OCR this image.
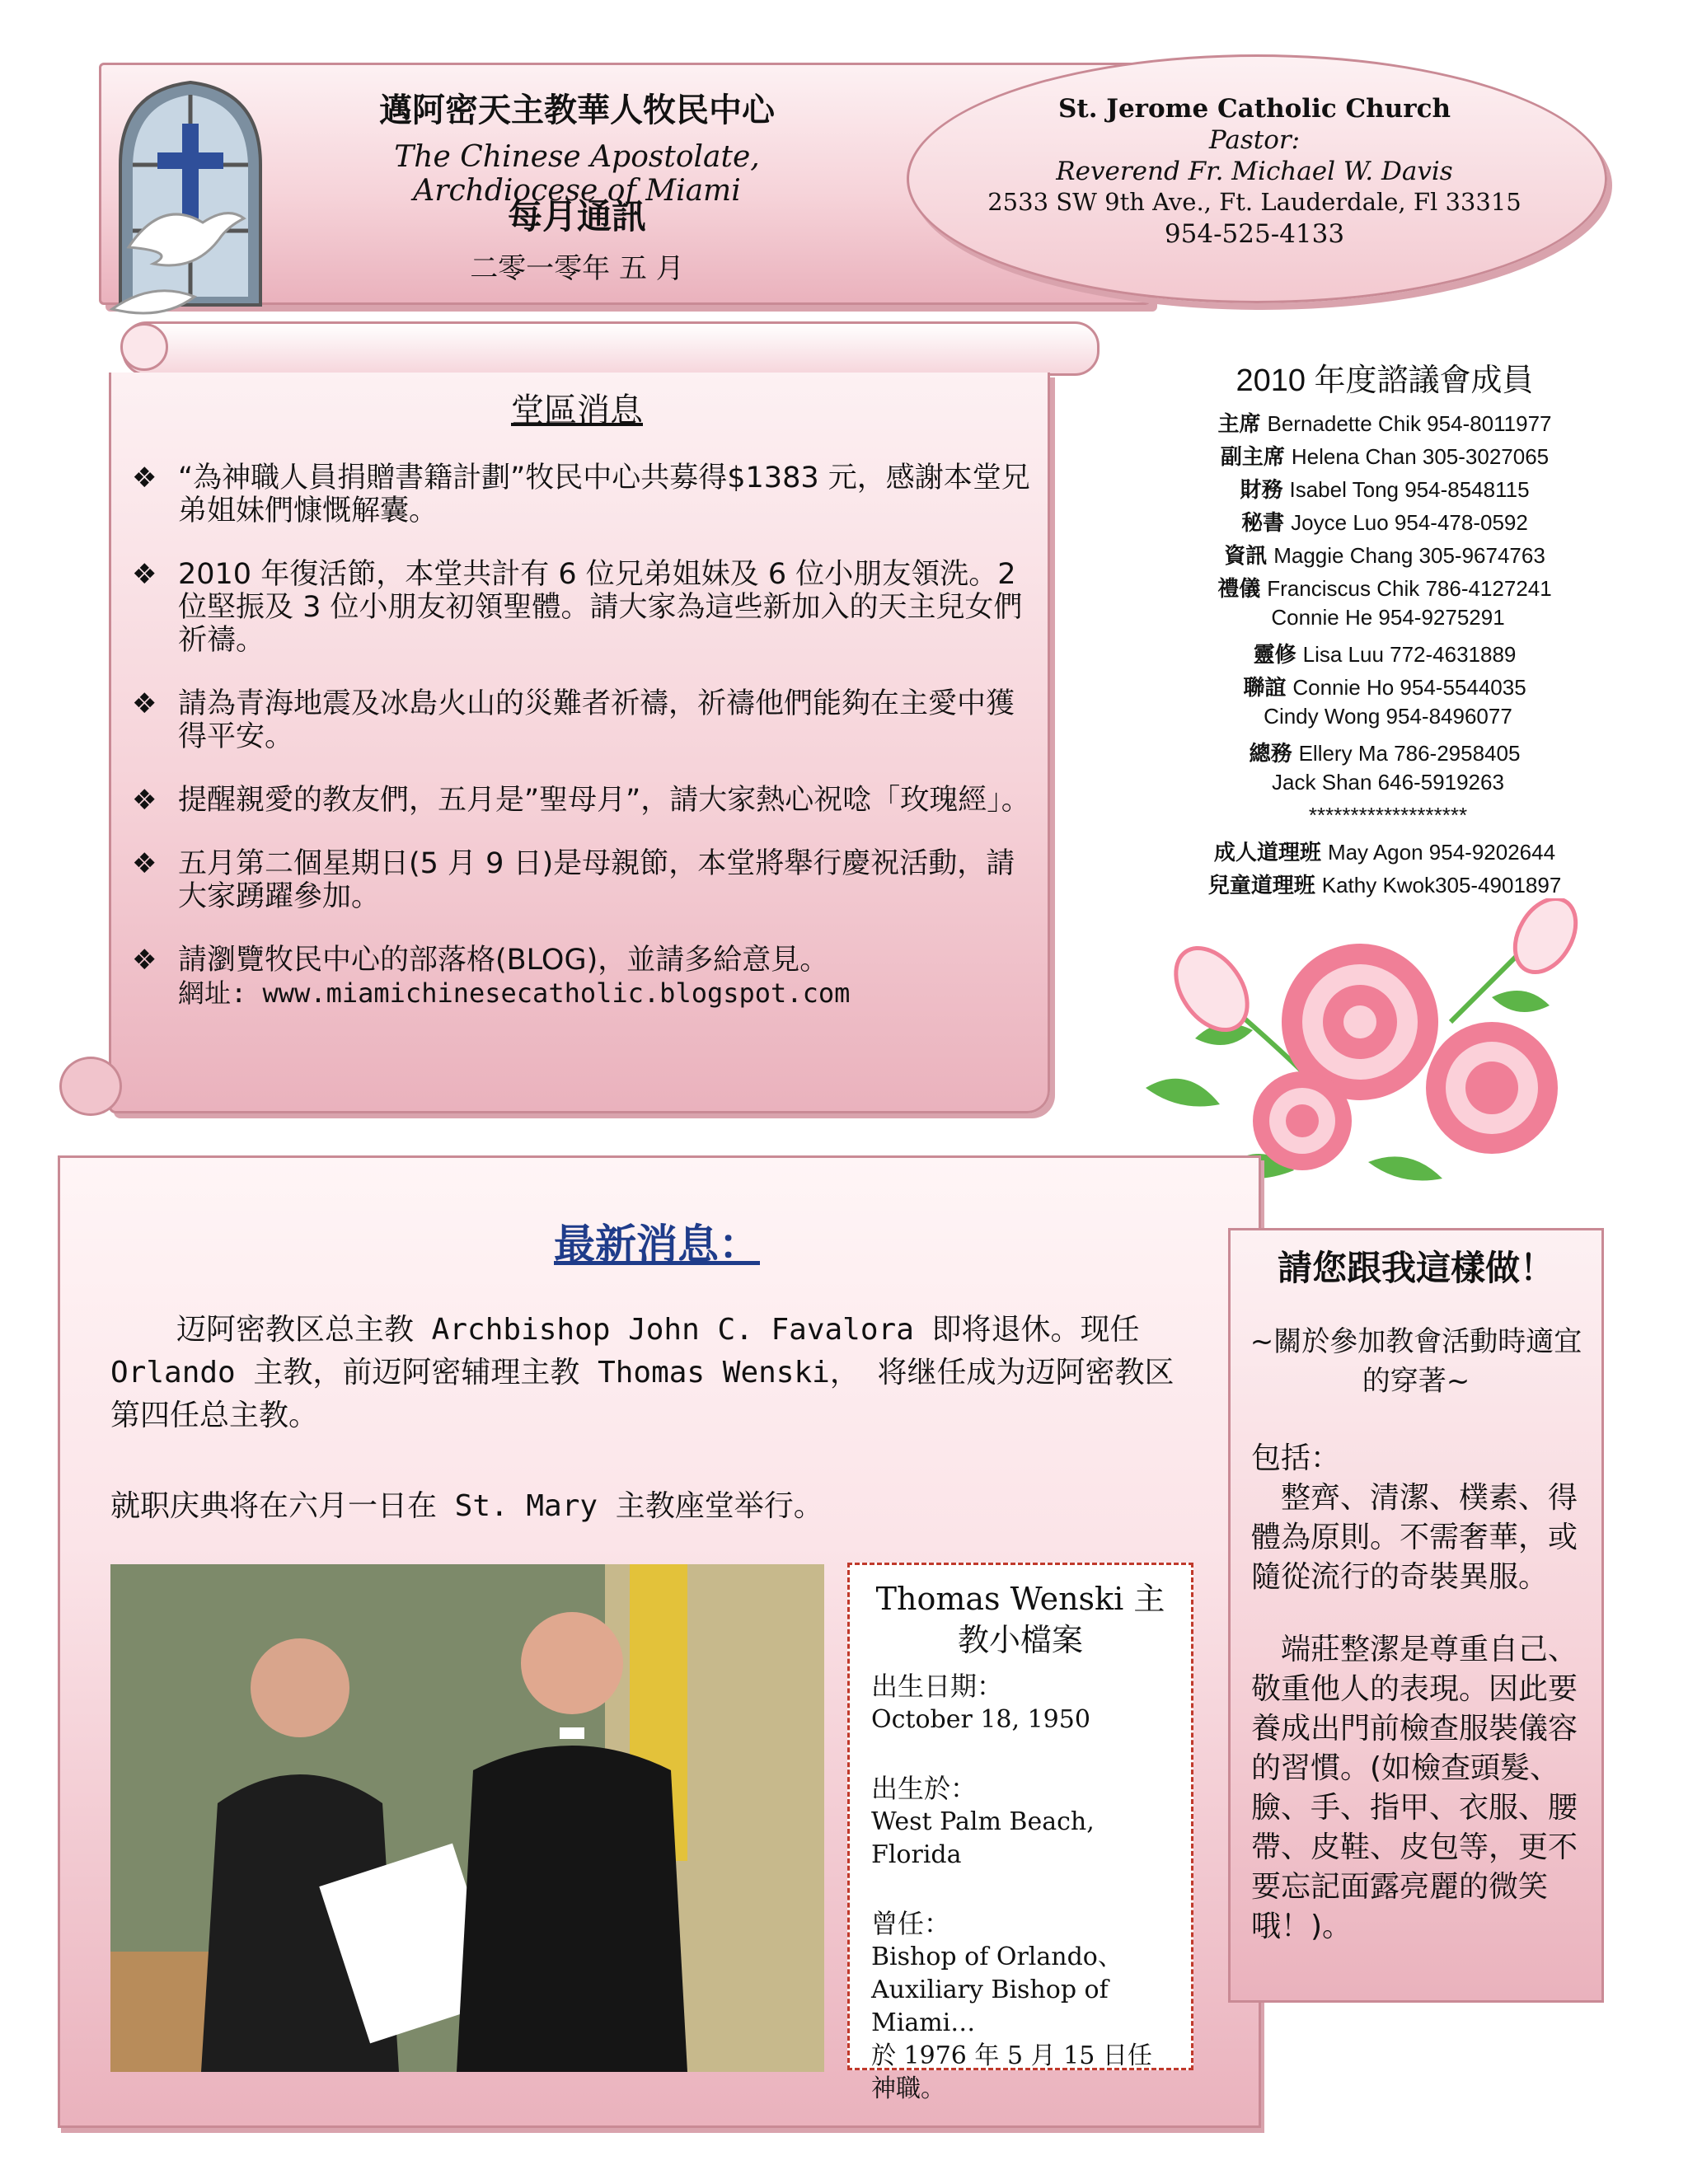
邁阿密天主教華人牧民中心
The Chinese Apostolate, Archdiocese of Miami
每月通訊
二零一零年 五 月
St. Jerome Catholic Church
Pastor:
Reverend Fr. Michael W. Davis
2533 SW 9th Ave., Ft. Lauderdale, Fl 33315
954-525-4133
堂區消息
❖ “為神職人員捐贈書籍計劃”牧民中心共募得$1383 元，感謝本堂兄弟姐妹們慷慨解囊。
❖ 2010 年復活節，本堂共計有 6 位兄弟姐妹及 6 位小朋友領洗。2 位堅振及 3 位小朋友初領聖體。請大家為這些新加入的天主兒女們祈禱。
❖ 請為青海地震及冰島火山的災難者祈禱，祈禱他們能夠在主愛中獲得平安。
❖ 提醒親愛的教友們，五月是”聖母月”，請大家熱心祝唸「玫瑰經」。
❖ 五月第二個星期日(5 月 9 日)是母親節，本堂將舉行慶祝活動，請大家踴躍參加。
❖ 請瀏覽牧民中心的部落格(BLOG)，並請多給意見。
網址: www.miamichinesecatholic.blogspot.com
2010 年度諮議會成員
主席 Bernadette Chik 954-8011977
副主席 Helena Chan 305-3027065
財務 Isabel Tong 954-8548115
秘書 Joyce Luo 954-478-0592
資訊 Maggie Chang 305-9674763
禮儀 Franciscus Chik 786-4127241
Connie He 954-9275291
靈修 Lisa Luu 772-4631889
聯誼 Connie Ho 954-5544035
Cindy Wong 954-8496077
總務 Ellery Ma 786-2958405
Jack Shan 646-5919263
*******************
成人道理班 May Agon 954-9202644
兒童道理班 Kathy Kwok305-4901897
最新消息：
迈阿密教区总主教 Archbishop John C. Favalora 即将退休。现任 Orlando 主教，前迈阿密辅理主教 Thomas Wenski， 将继任成为迈阿密教区第四任总主教。
就职庆典将在六月一日在 St. Mary 主教座堂举行。
Thomas Wenski 主教小檔案
出生日期：
October 18, 1950
出生於：
West Palm Beach, Florida
曾任：
Bishop of Orlando、Auxiliary Bishop of Miami…
於 1976 年 5 月 15 日任神職。
請您跟我這樣做！
~關於參加教會活動時適宜的穿著~

包括：

整齊、清潔、樸素、得體為原則。不需奢華，或隨從流行的奇裝異服。

端莊整潔是尊重自己、敬重他人的表現。因此要養成出門前檢查服裝儀容的習慣。(如檢查頭髮、臉、手、指甲、衣服、腰帶、皮鞋、皮包等，更不要忘記面露亮麗的微笑哦！)。
